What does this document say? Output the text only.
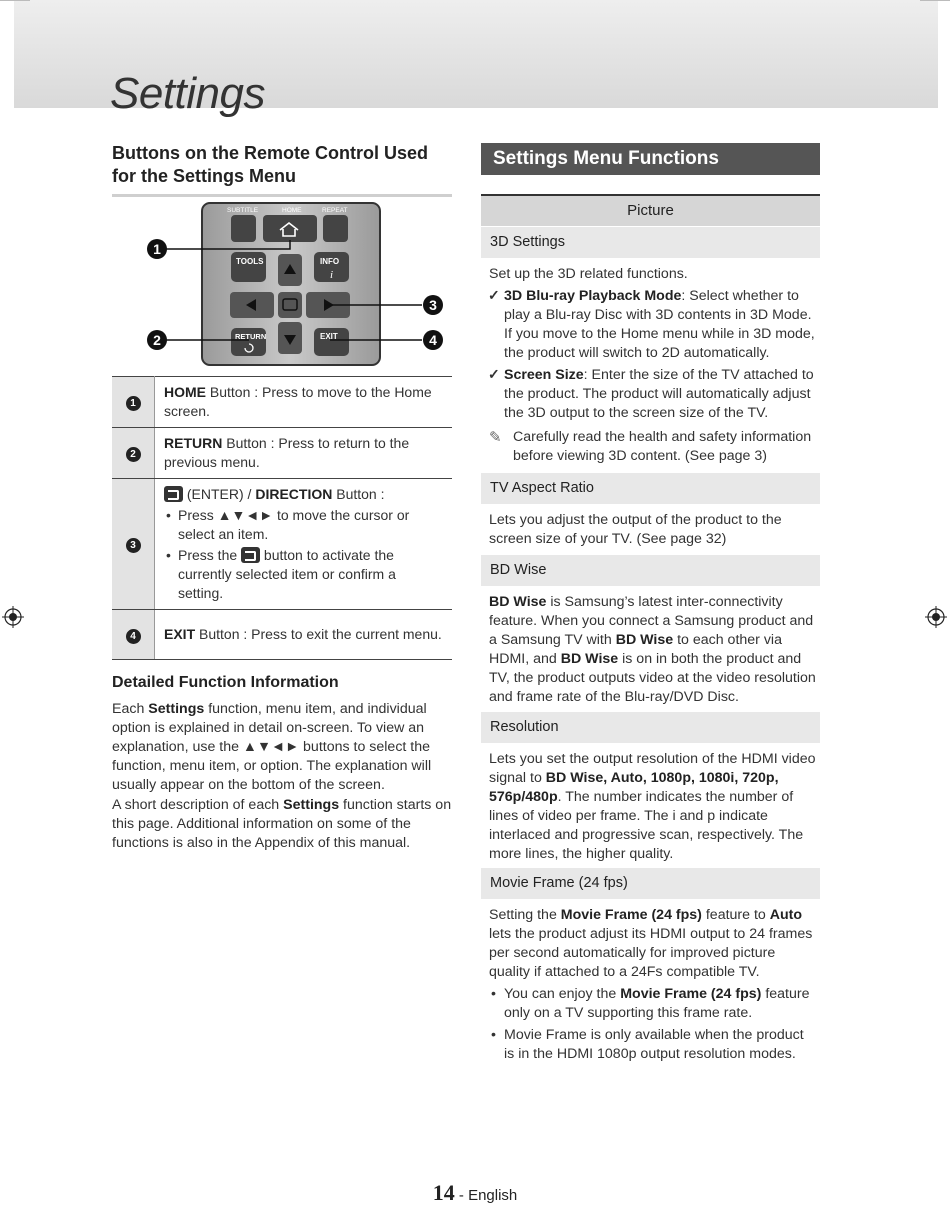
Settings

Buttons on the Remote Control Used
for the Settings Menu

SUBTITLE	HOME	REPEAT
TOOLS	INFO
i
RETURN	EXIT
1
2
3
4
1	HOME Button : Press to move to the Home screen.
2	RETURN Button : Press to return to the previous menu.
3	(ENTER) / DIRECTION Button :

• Press ▲▼◄► to move the cursor or select an item.

• Press the  button to activate the currently selected item or confirm a setting.

4	EXIT Button : Press to exit the current menu.
Detailed Function Information

Each Settings function, menu item, and individual option is explained in detail on-screen. To view an explanation, use the ▲▼◄► buttons to select the function, menu item, or option. The explanation will usually appear on the bottom of the screen.

A short description of each Settings function starts on this page. Additional information on some of the functions is also in the Appendix of this manual.

Settings Menu Functions
Picture
3D Settings

Set up the 3D related functions.

✓ 3D Blu-ray Playback Mode: Select whether to play a Blu-ray Disc with 3D contents in 3D Mode. If you move to the Home menu while in 3D mode, the product will switch to 2D automatically.

✓ Screen Size: Enter the size of the TV attached to the product. The product will automatically adjust the 3D output to the screen size of the TV.

✎ Carefully read the health and safety information before viewing 3D content. (See page 3)

TV Aspect Ratio

Lets you adjust the output of the product to the screen size of your TV. (See page 32)

BD Wise

BD Wise is Samsung’s latest inter-connectivity feature. When you connect a Samsung product and a Samsung TV with BD Wise to each other via HDMI, and BD Wise is on in both the product and TV, the product outputs video at the video resolution and frame rate of the Blu-ray/DVD Disc.

Resolution

Lets you set the output resolution of the HDMI video signal to BD Wise, Auto, 1080p, 1080i, 720p, 576p/480p. The number indicates the number of lines of video per frame. The i and p indicate interlaced and progressive scan, respectively. The more lines, the higher quality.

Movie Frame (24 fps)

Setting the Movie Frame (24 fps) feature to Auto lets the product adjust its HDMI output to 24 frames per second automatically for improved picture quality if attached to a 24Fs compatible TV.

• You can enjoy the Movie Frame (24 fps) feature only on a TV supporting this frame rate.

• Movie Frame is only available when the product is in the HDMI 1080p output resolution modes.

14 - English
